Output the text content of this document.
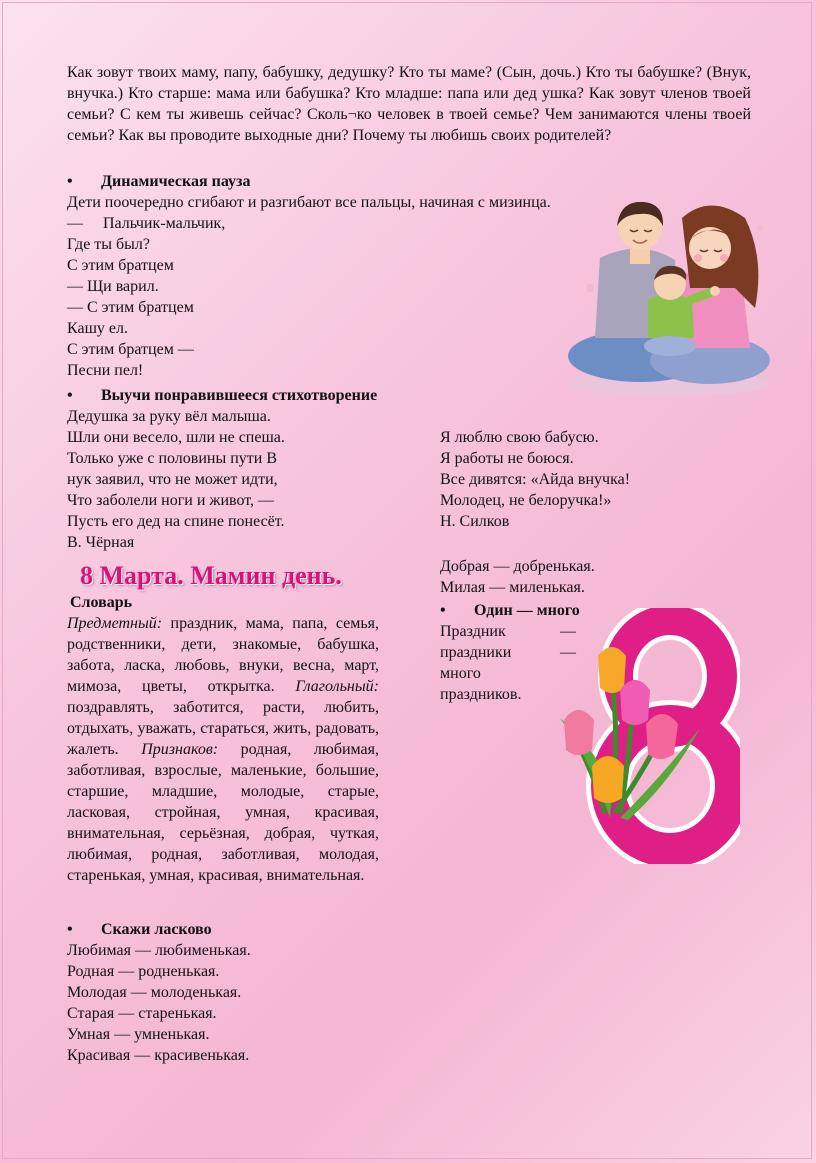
Как зовут твоих маму, папу, бабушку, дедушку? Кто ты маме? (Сын, дочь.) Кто ты бабушке? (Внук, внучка.) Кто старше: мама или бабушка? Кто младше: папа или дед ушка? Как зовут членов твоей семьи? С кем ты живешь сейчас? Сколь¬ко человек в твоей семье? Чем занимаются члены твоей семьи? Как вы проводите выходные дни? Почему ты любишь своих родителей?
• Динамическая пауза
Дети поочередно сгибают и разгибают все пальцы, начиная с мизинца.
—     Пальчик-мальчик,
Где ты был?
С этим братцем
— Щи варил.
— С этим братцем
Кашу ел.
С этим братцем —
Песни пел!
• Выучи понравившееся стихотворение
Дедушка за руку вёл малыша.
Шли они весело, шли не спеша.
Только уже с половины пути В
нук заявил, что не может идти,
Что заболели ноги и живот, —
Пусть его дед на спине понесёт.
В. Чёрная
Я люблю свою бабусю.
Я работы не боюся.
Все дивятся: «Айда внучка!
Молодец, не белоручка!»
Н. Силков
Добрая — добренькая.
Милая — миленькая.
• Один — много
Праздник	—
праздники	—
много
праздников.
8 Марта. Мамин день.
Словарь
Предметный: праздник, мама, папа, семья, родственники, дети, знакомые, бабушка, забота, ласка, любовь, внуки, весна, март, мимоза, цветы, открытка. Глагольный: поздравлять, заботится, расти, любить, отдыхать, уважать, стараться, жить, радовать, жалеть. Признаков: родная, любимая, заботливая, взрослые, маленькие, большие, старшие, младшие, молодые, старые, ласковая, стройная, умная, красивая, внимательная, серьёзная, добрая, чуткая, любимая, родная, заботливая, молодая, старенькая, умная, красивая, внимательная.
• Скажи ласково
Любимая — любименькая.
Родная — родненькая.
Молодая — молоденькая.
Старая — старенькая.
Умная — умненькая.
Красивая — красивенькая.
